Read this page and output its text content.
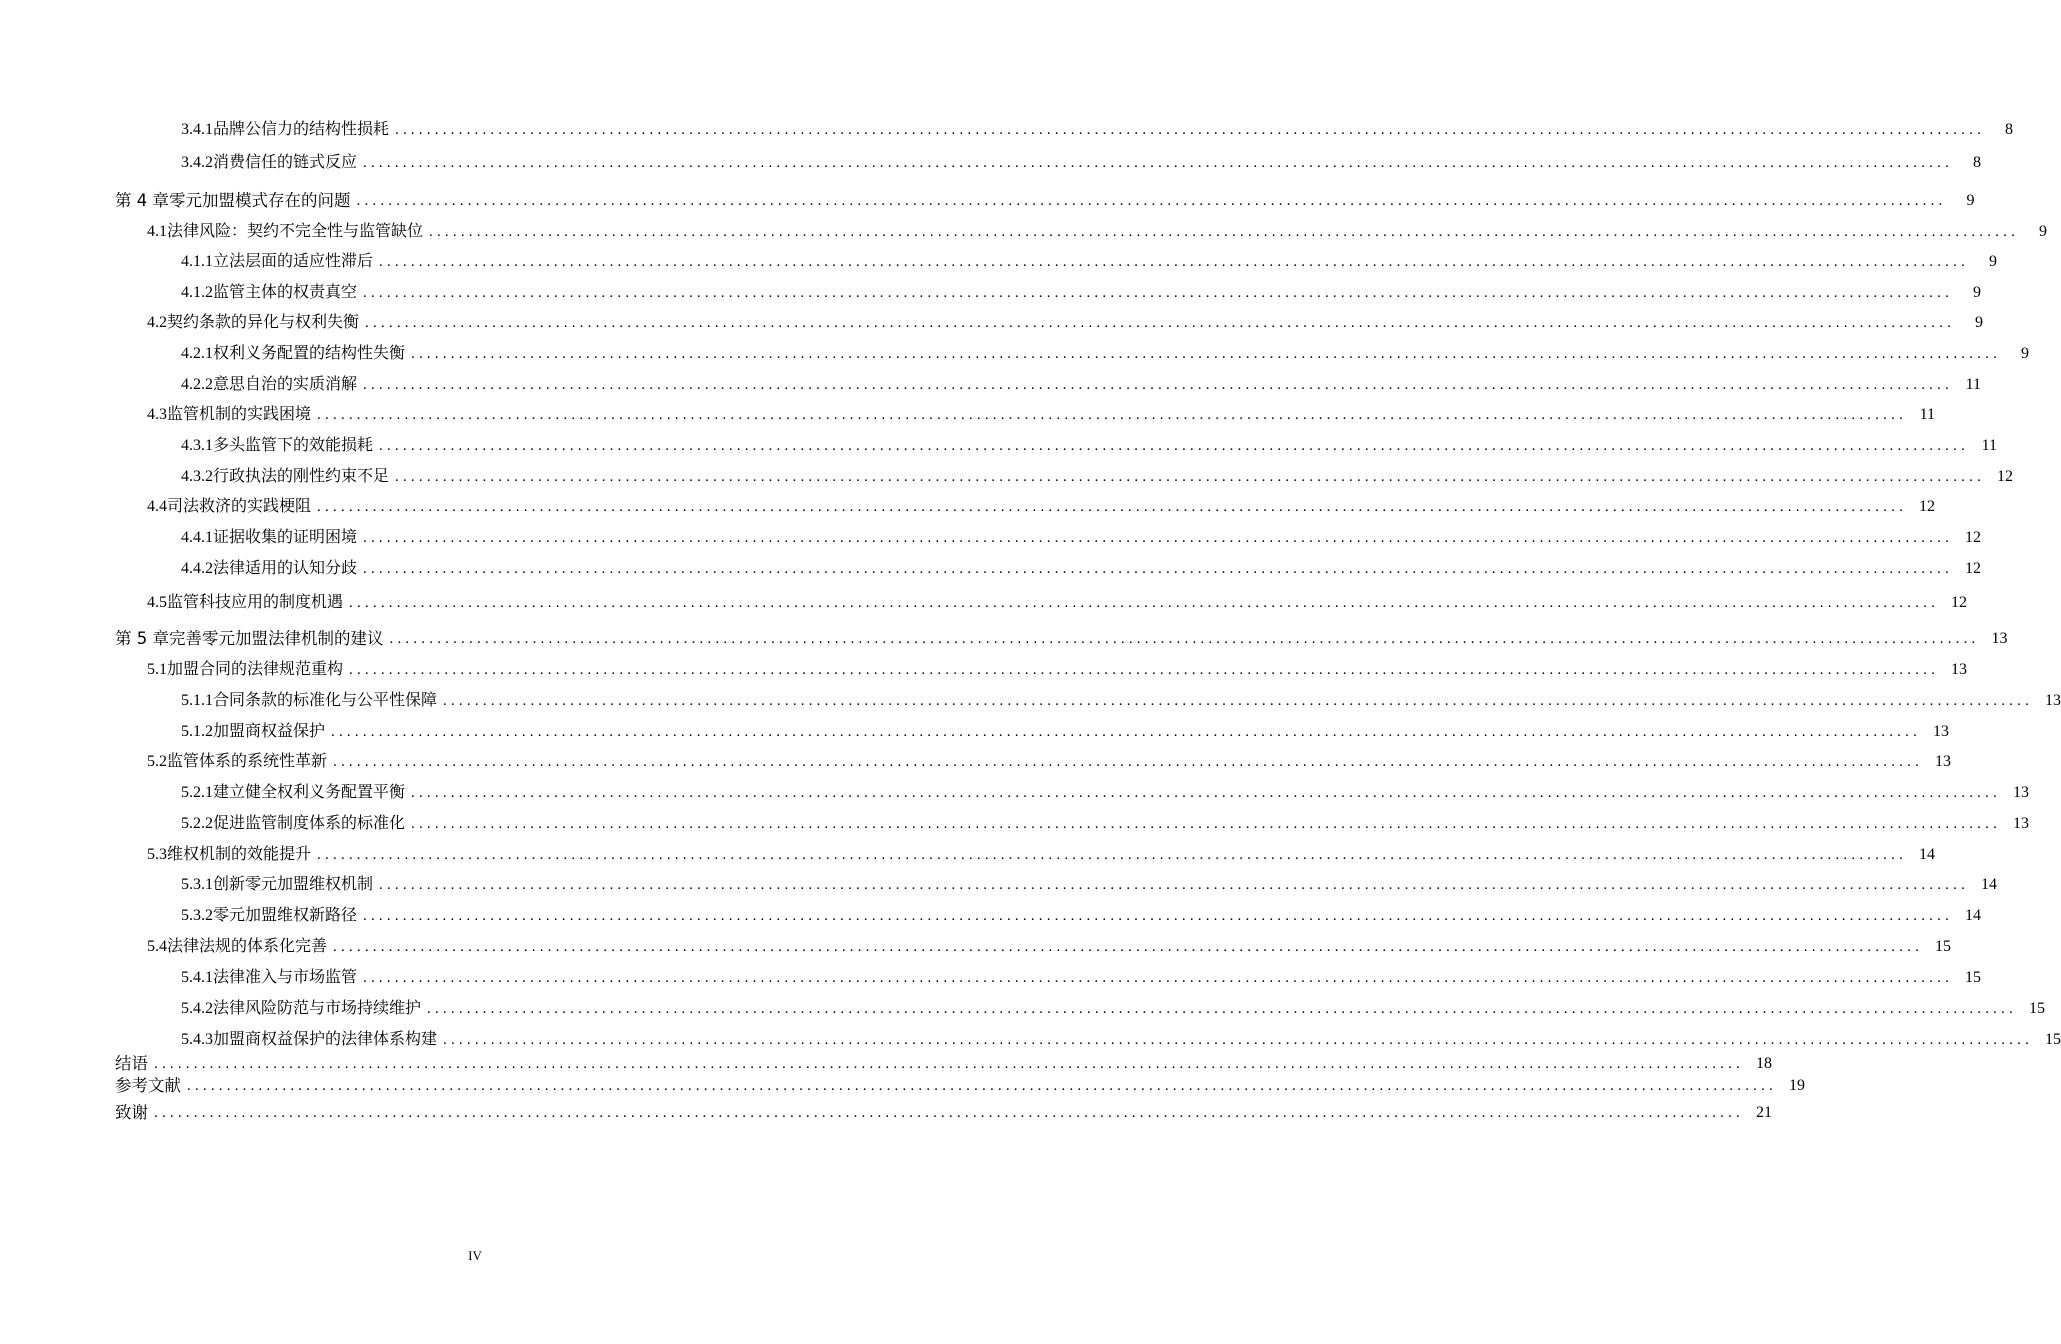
3.4.1 品牌公信力的结构性损耗 ........................................................................................................................................................................................................	8
3.4.2 消费信任的链式反应 ........................................................................................................................................................................................................	8
第 4 章 零元加盟模式存在的问题 ........................................................................................................................................................................................................	9
4.1 法律风险：契约不完全性与监管缺位 ........................................................................................................................................................................................................	9
4.1.1 立法层面的适应性滞后 ........................................................................................................................................................................................................	9
4.1.2 监管主体的权责真空 ........................................................................................................................................................................................................	9
4.2 契约条款的异化与权利失衡 ........................................................................................................................................................................................................	9
4.2.1 权利义务配置的结构性失衡 ........................................................................................................................................................................................................	9
4.2.2 意思自治的实质消解 ........................................................................................................................................................................................................ 11
4.3 监管机制的实践困境 ........................................................................................................................................................................................................ 11
4.3.1 多头监管下的效能损耗 ........................................................................................................................................................................................................ 11
4.3.2 行政执法的刚性约束不足 ........................................................................................................................................................................................................ 12
4.4 司法救济的实践梗阻 ........................................................................................................................................................................................................ 12
4.4.1 证据收集的证明困境 ........................................................................................................................................................................................................ 12
4.4.2 法律适用的认知分歧 ........................................................................................................................................................................................................ 12
4.5 监管科技应用的制度机遇 ........................................................................................................................................................................................................ 12
第 5 章 完善零元加盟法律机制的建议 ........................................................................................................................................................................................................ 13
5.1 加盟合同的法律规范重构 ........................................................................................................................................................................................................ 13
5.1.1 合同条款的标准化与公平性保障 ........................................................................................................................................................................................................ 13
5.1.2 加盟商权益保护 ........................................................................................................................................................................................................ 13
5.2 监管体系的系统性革新 ........................................................................................................................................................................................................ 13
5.2.1 建立健全权利义务配置平衡 ........................................................................................................................................................................................................ 13
5.2.2 促进监管制度体系的标准化 ........................................................................................................................................................................................................ 13
5.3 维权机制的效能提升 ........................................................................................................................................................................................................ 14
5.3.1 创新零元加盟维权机制 ........................................................................................................................................................................................................ 14
5.3.2 零元加盟维权新路径 ........................................................................................................................................................................................................ 14
5.4 法律法规的体系化完善 ........................................................................................................................................................................................................ 15
5.4.1 法律准入与市场监管 ........................................................................................................................................................................................................ 15
5.4.2 法律风险防范与市场持续维护 ........................................................................................................................................................................................................ 15
5.4.3 加盟商权益保护的法律体系构建 ........................................................................................................................................................................................................ 15
结语 ........................................................................................................................................................................................................ 18
参考文献 ........................................................................................................................................................................................................ 19
致谢 ........................................................................................................................................................................................................ 21
IV
